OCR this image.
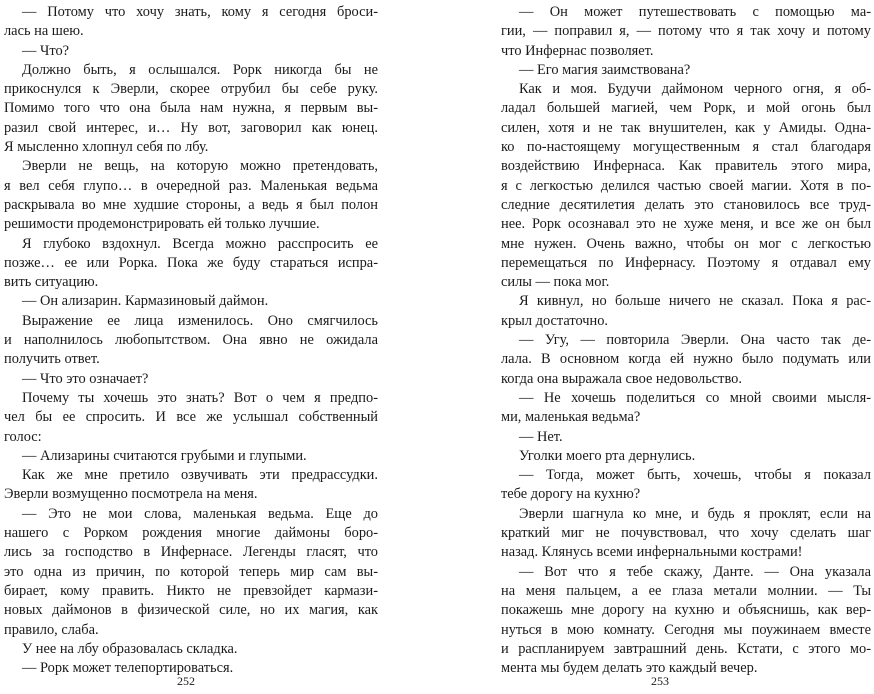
— Потому что хочу знать, кому я сегодня броси-
лась на шею.
— Что?
Должно быть, я ослышался. Рорк никогда бы не
прикоснулся к Эверли, скорее отрубил бы себе руку.
Помимо того что она была нам нужна, я первым вы-
разил свой интерес, и… Ну вот, заговорил как юнец.
Я мысленно хлопнул себя по лбу.
Эверли не вещь, на которую можно претендовать,
я вел себя глупо… в очередной раз. Маленькая ведьма
раскрывала во мне худшие стороны, а ведь я был полон
решимости продемонстрировать ей только лучшие.
Я глубоко вздохнул. Всегда можно расспросить ее
позже… ее или Рорка. Пока же буду стараться испра-
вить ситуацию.
— Он ализарин. Кармазиновый даймон.
Выражение ее лица изменилось. Оно смягчилось
и наполнилось любопытством. Она явно не ожидала
получить ответ.
— Что это означает?
Почему ты хочешь это знать? Вот о чем я предпо-
чел бы ее спросить. И все же услышал собственный
голос:
— Ализарины считаются грубыми и глупыми.
Как же мне претило озвучивать эти предрассудки.
Эверли возмущенно посмотрела на меня.
— Это не мои слова, маленькая ведьма. Еще до
нашего с Рорком рождения многие даймоны боро-
лись за господство в Инфернасе. Легенды гласят, что
это одна из причин, по которой теперь мир сам вы-
бирает, кому править. Никто не превзойдет кармази-
новых даймонов в физической силе, но их магия, как
правило, слаба.
У нее на лбу образовалась складка.
— Рорк может телепортироваться.
252
— Он может путешествовать с помощью ма-
гии, — поправил я, — потому что я так хочу и потому
что Инфернас позволяет.
— Его магия заимствована?
Как и моя. Будучи даймоном черного огня, я об-
ладал большей магией, чем Рорк, и мой огонь был
силен, хотя и не так внушителен, как у Амиды. Одна-
ко по-настоящему могущественным я стал благодаря
воздействию Инфернаса. Как правитель этого мира,
я с легкостью делился частью своей магии. Хотя в по-
следние десятилетия делать это становилось все труд-
нее. Рорк осознавал это не хуже меня, и все же он был
мне нужен. Очень важно, чтобы он мог с легкостью
перемещаться по Инфернасу. Поэтому я отдавал ему
силы — пока мог.
Я кивнул, но больше ничего не сказал. Пока я рас-
крыл достаточно.
— Угу, — повторила Эверли. Она часто так де-
лала. В основном когда ей нужно было подумать или
когда она выражала свое недовольство.
— Не хочешь поделиться со мной своими мысля-
ми, маленькая ведьма?
— Нет.
Уголки моего рта дернулись.
— Тогда, может быть, хочешь, чтобы я показал
тебе дорогу на кухню?
Эверли шагнула ко мне, и будь я проклят, если на
краткий миг не почувствовал, что хочу сделать шаг
назад. Клянусь всеми инфернальными кострами!
— Вот что я тебе скажу, Данте. — Она указала
на меня пальцем, а ее глаза метали молнии. — Ты
покажешь мне дорогу на кухню и объяснишь, как вер-
нуться в мою комнату. Сегодня мы поужинаем вместе
и распланируем завтрашний день. Кстати, с этого мо-
мента мы будем делать это каждый вечер.
253
